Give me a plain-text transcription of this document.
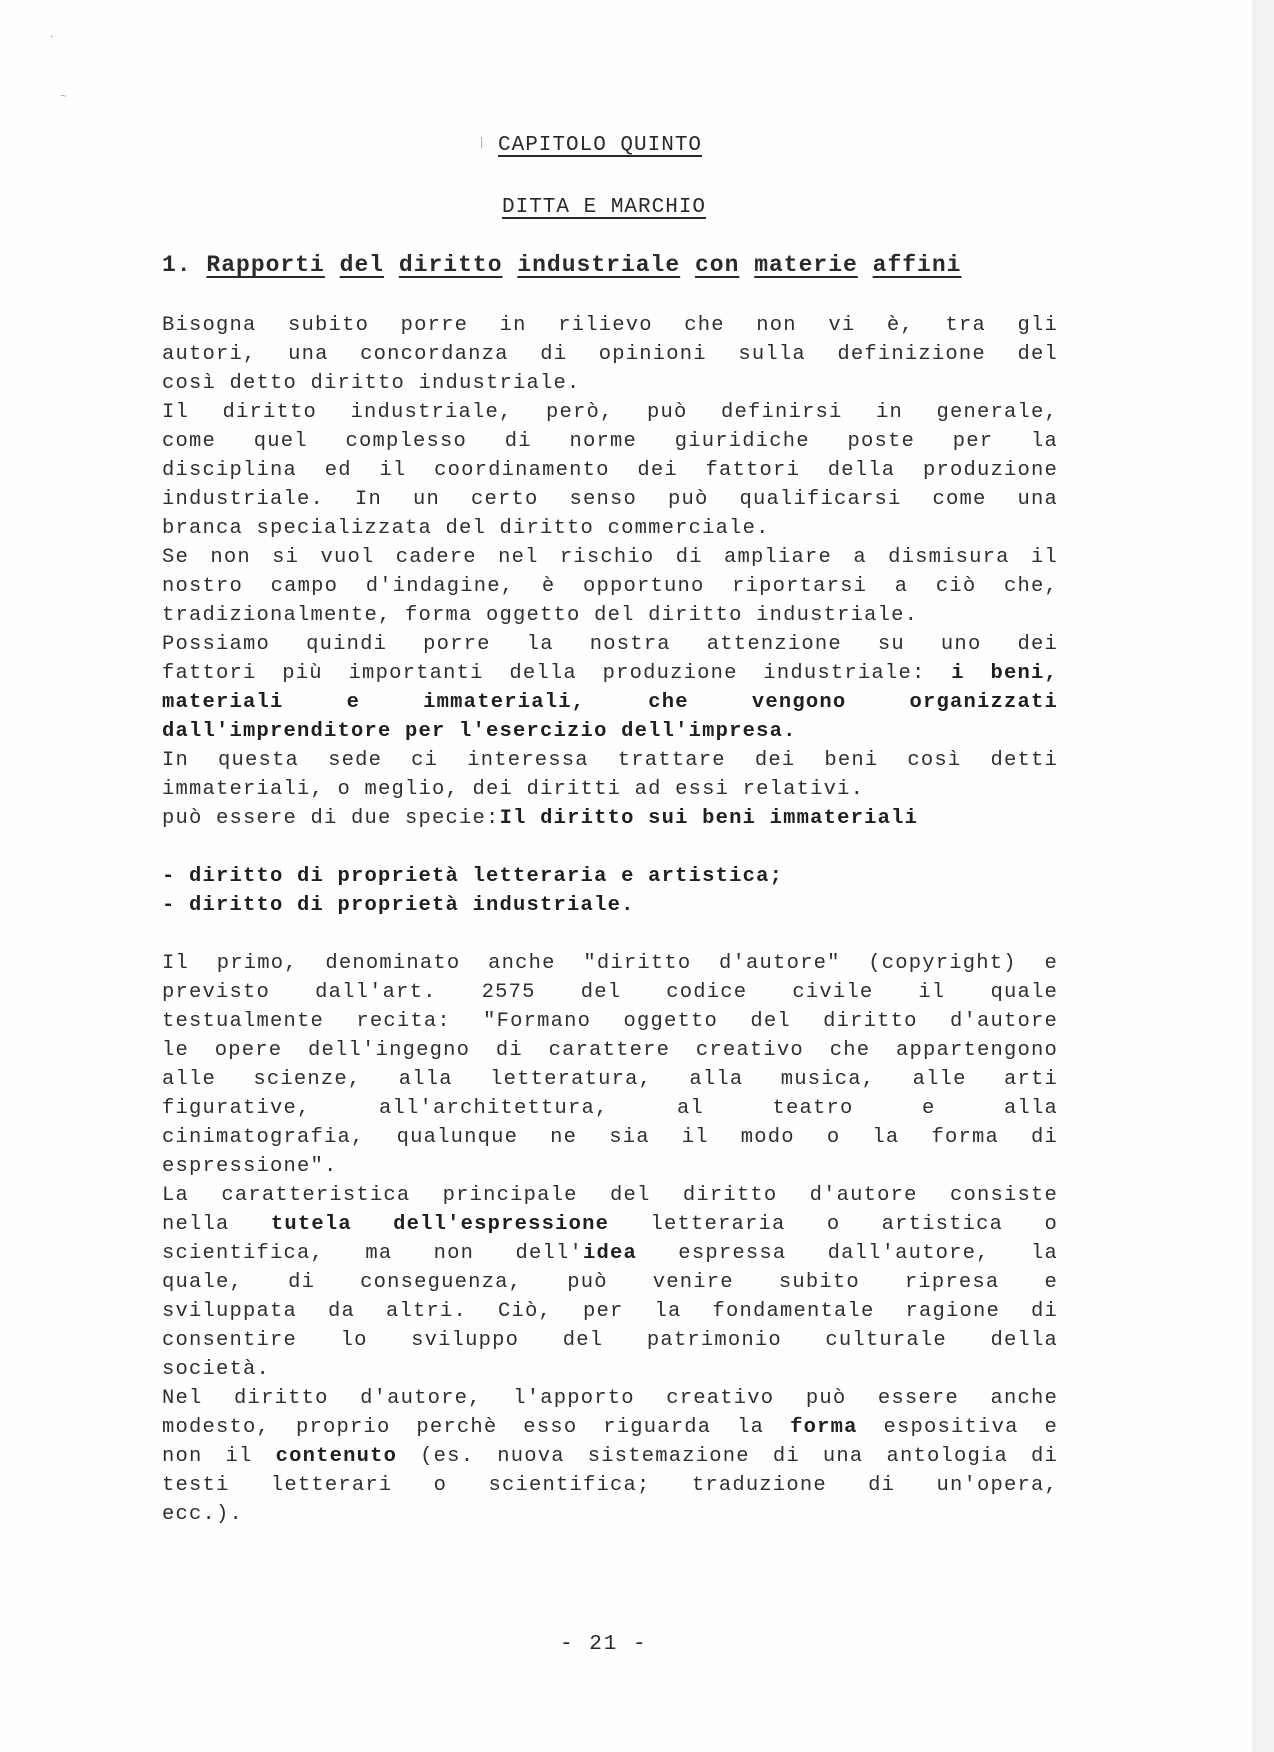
·
~
| CAPITOLO QUINTO
DITTA E MARCHIO
1. Rapporti del diritto industriale con materie affini
Bisogna subito porre in rilievo che non vi è, tra gli
autori, una concordanza di opinioni sulla definizione del
così detto diritto industriale.
Il diritto industriale, però, può definirsi in generale,
come quel complesso di norme giuridiche poste per la
disciplina ed il coordinamento dei fattori della produzione
industriale. In un certo senso può qualificarsi come una
branca specializzata del diritto commerciale.
Se non si vuol cadere nel rischio di ampliare a dismisura il
nostro campo d'indagine, è opportuno riportarsi a ciò che,
tradizionalmente, forma oggetto del diritto industriale.
Possiamo quindi porre la nostra attenzione su uno dei
fattori più importanti della produzione industriale: i beni,
materiali e immateriali, che vengono organizzati
dall'imprenditore per l'esercizio dell'impresa.
In questa sede ci interessa trattare dei beni così detti
immateriali, o meglio, dei diritti ad essi relativi.
può essere di due specie:Il diritto sui beni immateriali
- diritto di proprietà letteraria e artistica;
- diritto di proprietà industriale.
Il primo, denominato anche "diritto d'autore" (copyright) e
previsto dall'art. 2575 del codice civile il quale
testualmente recita: "Formano oggetto del diritto d'autore
le opere dell'ingegno di carattere creativo che appartengono
alle scienze, alla letteratura, alla musica, alle arti
figurative, all'architettura, al teatro e alla
cinimatografia, qualunque ne sia il modo o la forma di
espressione".
La caratteristica principale del diritto d'autore consiste
nella tutela dell'espressione letteraria o artistica o
scientifica, ma non dell'idea espressa dall'autore, la
quale, di conseguenza, può venire subito ripresa e
sviluppata da altri. Ciò, per la fondamentale ragione di
consentire lo sviluppo del patrimonio culturale della
società.
Nel diritto d'autore, l'apporto creativo può essere anche
modesto, proprio perchè esso riguarda la forma espositiva e
non il contenuto (es. nuova sistemazione di una antologia di
testi letterari o scientifica; traduzione di un'opera,
ecc.).
- 21 -
